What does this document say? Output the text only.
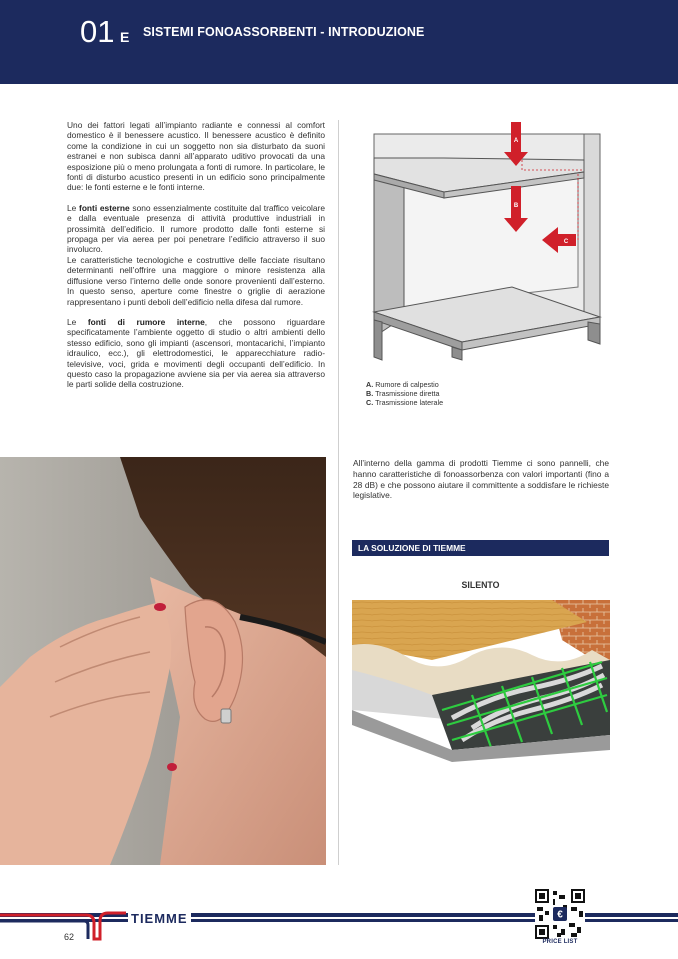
01 E SISTEMI FONOASSORBENTI - INTRODUZIONE

Uno dei fattori legati all’impianto radiante e connessi al comfort domestico è il benessere acustico. Il benessere acustico è definito come la condizione in cui un soggetto non sia disturbato da suoni estranei e non subisca danni all’apparato uditivo provocati da una esposizione più o meno prolungata a fonti di rumore. In particolare, le fonti di disturbo acustico presenti in un edificio sono principalmente due: le fonti esterne e le fonti interne.

Le fonti esterne sono essenzialmente costituite dal traffico veicolare e dalla eventuale presenza di attività produttive industriali in prossimità dell’edificio. Il rumore prodotto dalle fonti esterne si propaga per via aerea per poi penetrare l’edificio attraverso il suo involucro.

Le caratteristiche tecnologiche e costruttive delle facciate risultano determinanti nell’offrire una maggiore o minore resistenza alla diffusione verso l’interno delle onde sonore provenienti dall’esterno. In questo senso, aperture come finestre o griglie di aerazione rappresentano i punti deboli dell’edificio nella difesa dal rumore.

Le fonti di rumore interne, che possono riguardare specificatamente l’ambiente oggetto di studio o altri ambienti dello stesso edificio, sono gli impianti (ascensori, montacarichi, l’impianto idraulico, ecc.), gli elettrodomestici, le apparecchiature radio-televisive, voci, grida e movimenti degli occupanti dell’edificio. In questo caso la propagazione avviene sia per via aerea sia attraverso le parti solide della costruzione.

A
B
C
A. Rumore di calpestio
B. Trasmissione diretta
C. Trasmissione laterale
All’interno della gamma di prodotti Tiemme ci sono pannelli, che hanno caratteristiche di fonoassorbenza con valori importanti (fino a 28 dB) e che possono aiutare il committente a soddisfare le richieste legislative.
LA SOLUZIONE DI TIEMME
SILENTO
TIEMME
62
€
PRICE LIST
